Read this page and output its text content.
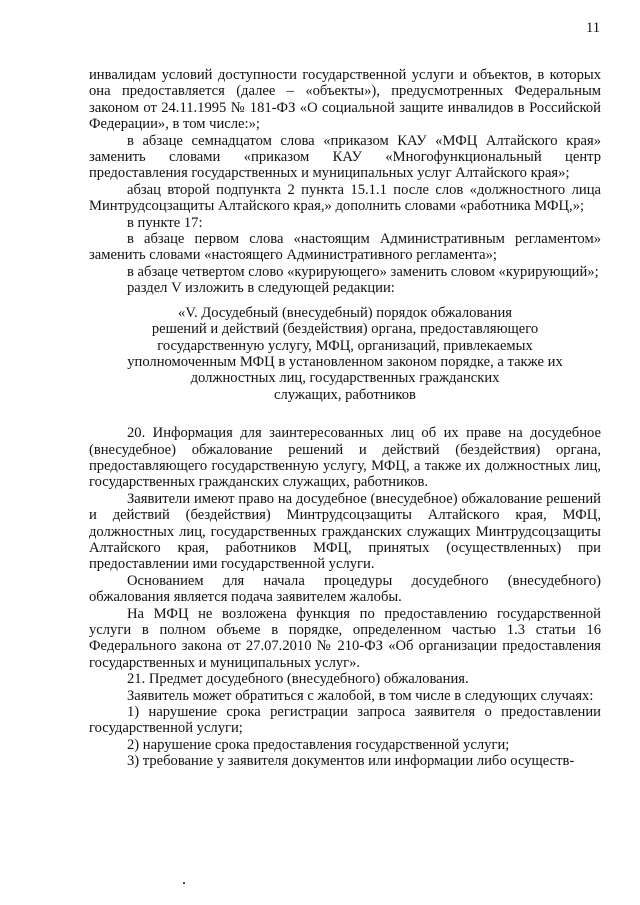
11

инвалидам условий доступности государственной услуги и объектов, в которых она предоставляется (далее – «объекты»), предусмотренных Федеральным законом от 24.11.1995 № 181-ФЗ «О социальной защите инвалидов в Российской Федерации», в том числе:»;

в абзаце семнадцатом слова «приказом КАУ «МФЦ Алтайского края» заменить словами «приказом КАУ «Многофункциональный центр предоставления государственных и муниципальных услуг Алтайского края»;

абзац второй подпункта 2 пункта 15.1.1 после слов «должностного лица Минтрудсоцзащиты Алтайского края,» дополнить словами «работника МФЦ,»;

в пункте 17:

в абзаце первом слова «настоящим Административным регламентом» заменить словами «настоящего Административного регламента»;

в абзаце четвертом слово «курирующего» заменить словом «курирующий»;

раздел V изложить в следующей редакции:

«V. Досудебный (внесудебный) порядок обжалования
решений и действий (бездействия) органа, предоставляющего
государственную услугу, МФЦ, организаций, привлекаемых
уполномоченным МФЦ в установленном законом порядке, а также их должностных лиц, государственных гражданских
служащих, работников

20. Информация для заинтересованных лиц об их праве на досудебное (внесудебное) обжалование решений и действий (бездействия) органа, предоставляющего государственную услугу, МФЦ, а также их должностных лиц, государственных гражданских служащих, работников.

Заявители имеют право на досудебное (внесудебное) обжалование решений и действий (бездействия) Минтрудсоцзащиты Алтайского края, МФЦ, должностных лиц, государственных гражданских служащих Минтрудсоцзащиты Алтайского края, работников МФЦ, принятых (осуществленных) при предоставлении ими государственной услуги.

Основанием для начала процедуры досудебного (внесудебного) обжалования является подача заявителем жалобы.

На МФЦ не возложена функция по предоставлению государственной услуги в полном объеме в порядке, определенном частью 1.3 статьи 16 Федерального закона от 27.07.2010 № 210-ФЗ «Об организации предоставления государственных и муниципальных услуг».

21. Предмет досудебного (внесудебного) обжалования.

Заявитель может обратиться с жалобой, в том числе в следующих случаях:

1) нарушение срока регистрации запроса заявителя о предоставлении государственной услуги;

2) нарушение срока предоставления государственной услуги;

3) требование у заявителя документов или информации либо осуществ-
